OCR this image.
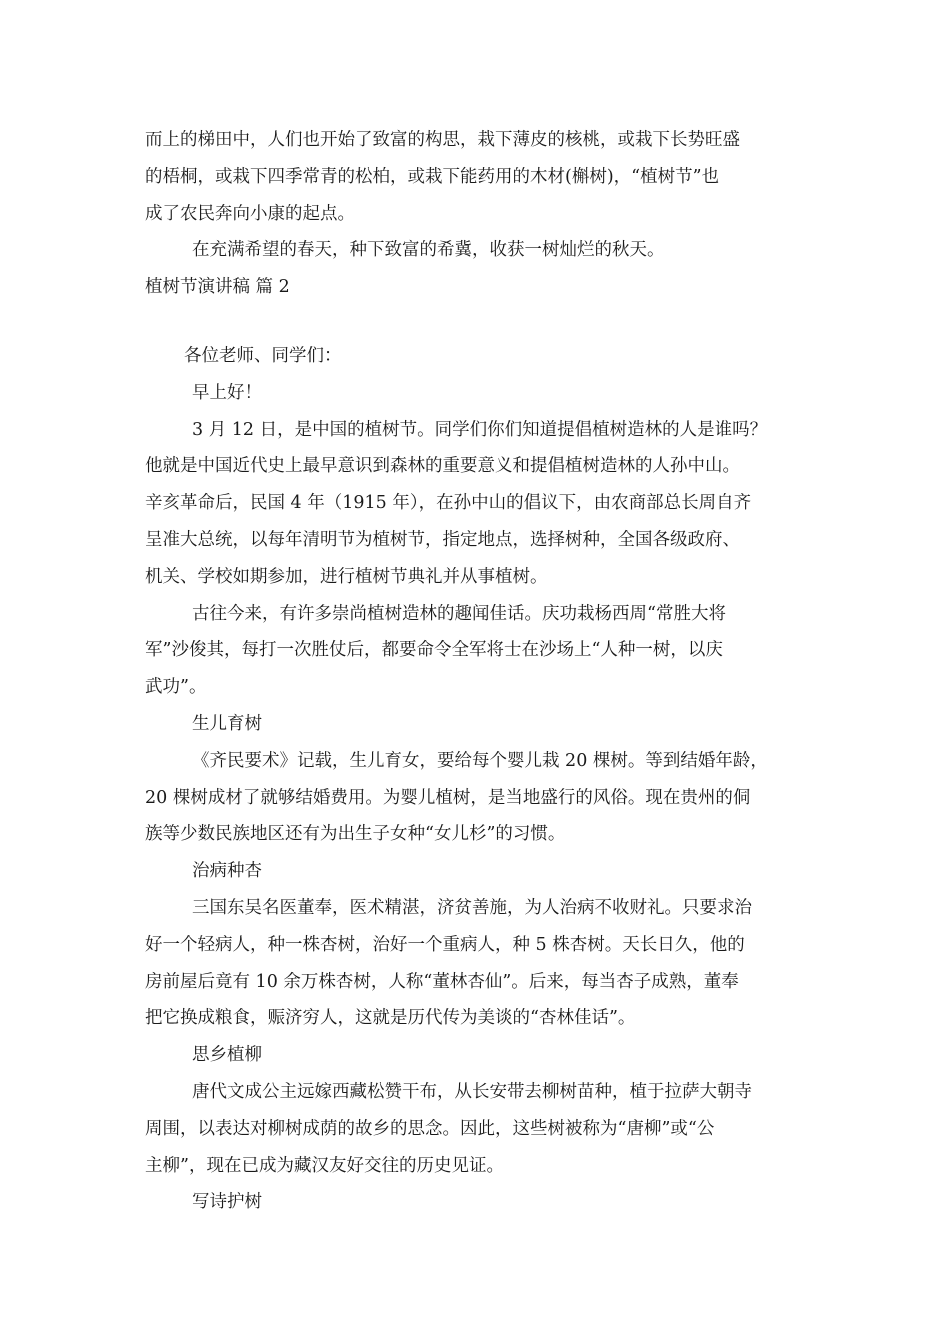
而上的梯田中，人们也开始了致富的构思，栽下薄皮的核桃，或栽下长势旺盛
的梧桐，或栽下四季常青的松柏，或栽下能药用的木材(槲树)，“植树节”也
成了农民奔向小康的起点。
在充满希望的春天，种下致富的希冀，收获一树灿烂的秋天。
植树节演讲稿 篇 2
各位老师、同学们：
早上好！
3 月 12 日，是中国的植树节。同学们你们知道提倡植树造林的人是谁吗？
他就是中国近代史上最早意识到森林的重要意义和提倡植树造林的人孙中山。
辛亥革命后，民国 4 年（1915 年），在孙中山的倡议下，由农商部总长周自齐
呈准大总统，以每年清明节为植树节，指定地点，选择树种，全国各级政府、
机关、学校如期参加，进行植树节典礼并从事植树。
古往今来，有许多崇尚植树造林的趣闻佳话。庆功栽杨西周“常胜大将
军”沙俊其，每打一次胜仗后，都要命令全军将士在沙场上“人种一树，以庆
武功”。
生儿育树
《齐民要术》记载，生儿育女，要给每个婴儿栽 20 棵树。等到结婚年龄，
20 棵树成材了就够结婚费用。为婴儿植树，是当地盛行的风俗。现在贵州的侗
族等少数民族地区还有为出生子女种“女儿杉”的习惯。
治病种杏
三国东吴名医董奉，医术精湛，济贫善施，为人治病不收财礼。只要求治
好一个轻病人，种一株杏树，治好一个重病人，种 5 株杏树。天长日久，他的
房前屋后竟有 10 余万株杏树，人称“董林杏仙”。后来，每当杏子成熟，董奉
把它换成粮食，赈济穷人，这就是历代传为美谈的“杏林佳话”。
思乡植柳
唐代文成公主远嫁西藏松赞干布，从长安带去柳树苗种，植于拉萨大朝寺
周围，以表达对柳树成荫的故乡的思念。因此，这些树被称为“唐柳”或“公
主柳”，现在已成为藏汉友好交往的历史见证。
写诗护树
